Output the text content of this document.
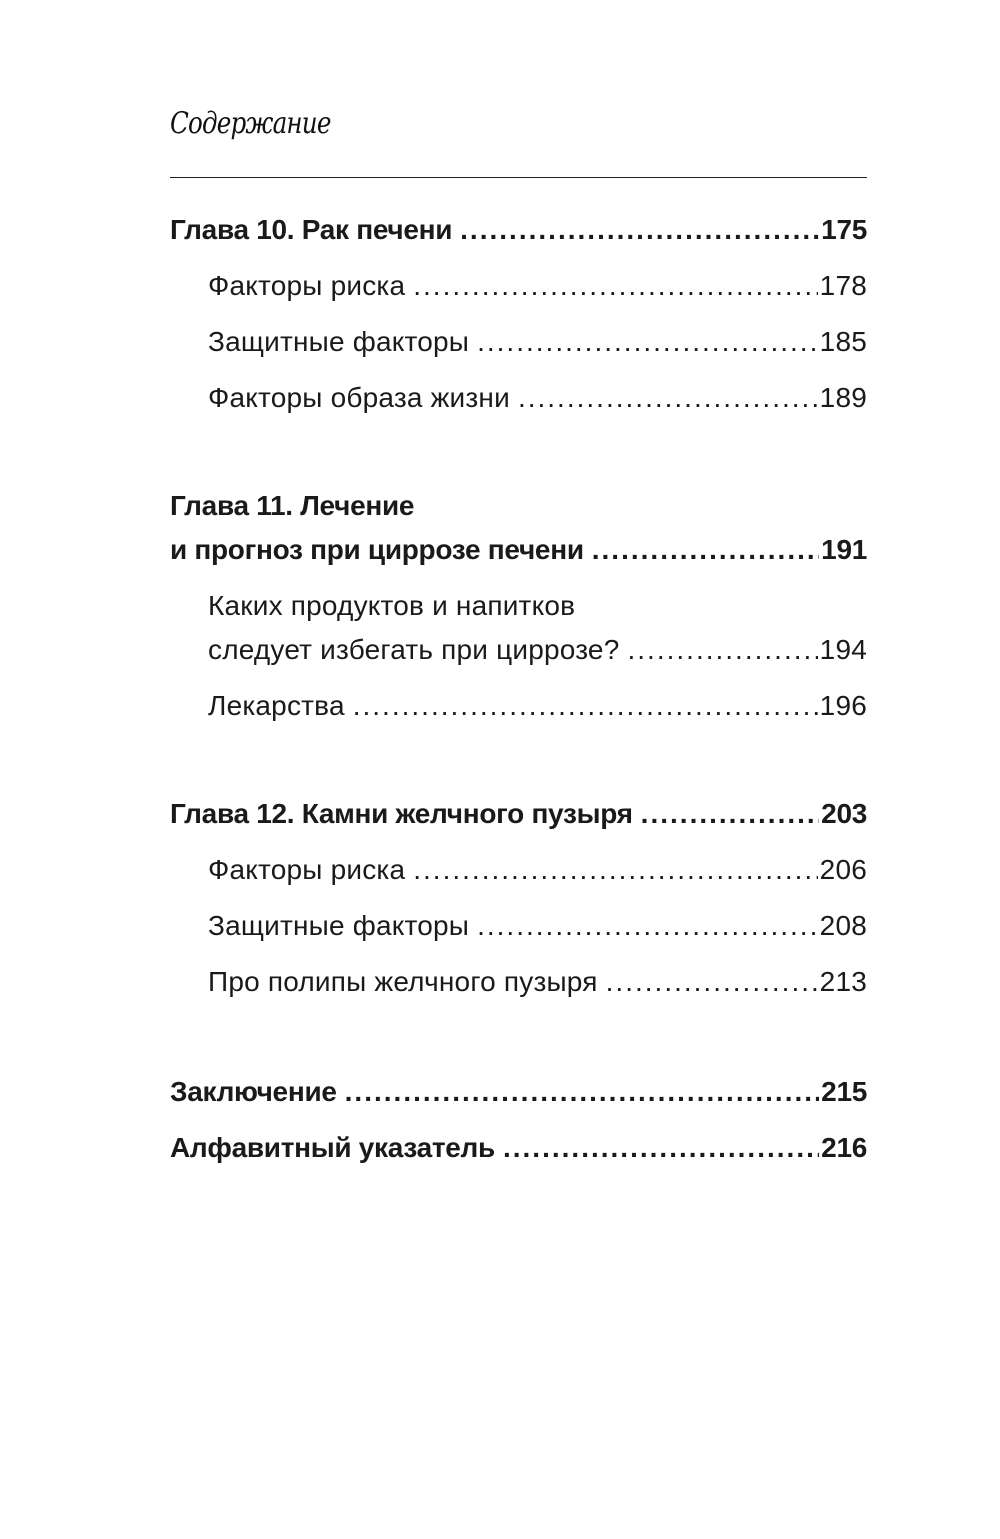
Содержание
Глава 10. Рак печени .....	175
Факторы риска .....	178
Защитные факторы .....	185
Факторы образа жизни .....	189
Глава 11. Лечение
и прогноз при циррозе печени .....	191
Каких продуктов и напитков
следует избегать при циррозе? .....	194
Лекарства .....	196
Глава 12. Камни желчного пузыря .....	203
Факторы риска .....	206
Защитные факторы .....	208
Про полипы желчного пузыря .....	213
Заключение .....	215
Алфавитный указатель .....	216
